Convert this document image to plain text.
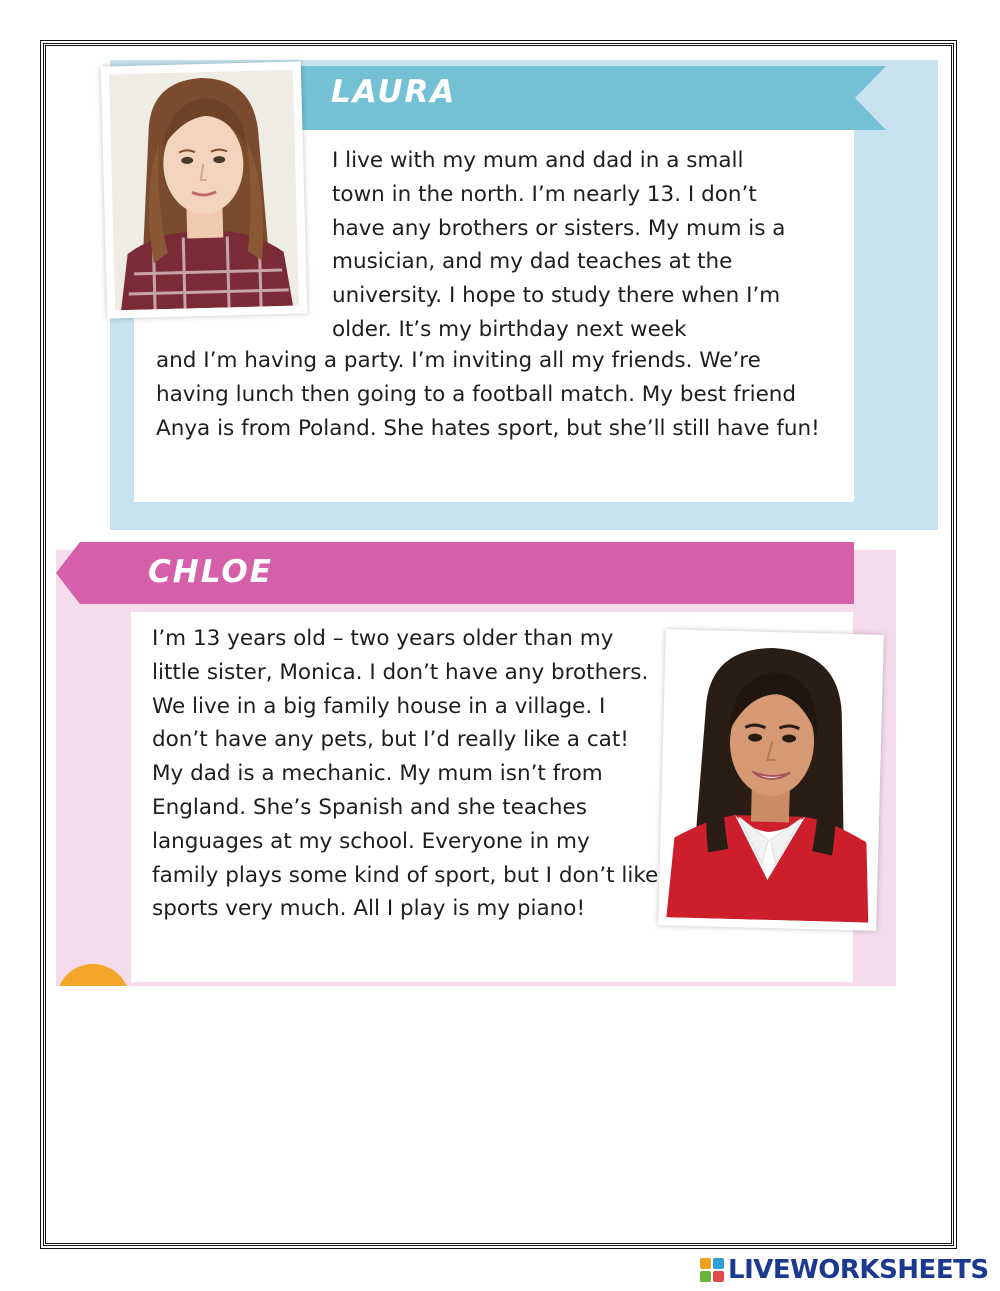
LAURA
I live with my mum and dad in a small town in the north. I’m nearly 13. I don’t have any brothers or sisters. My mum is a musician, and my dad teaches at the university. I hope to study there when I’m older. It’s my birthday next week
and I’m having a party. I’m inviting all my friends. We’re having lunch then going to a football match. My best friend Anya is from Poland. She hates sport, but she’ll still have fun!
CHLOE
I’m 13 years old – two years older than my little sister, Monica. I don’t have any brothers. We live in a big family house in a village. I don’t have any pets, but I’d really like a cat! My dad is a mechanic. My mum isn’t from England. She’s Spanish and she teaches languages at my school. Everyone in my family plays some kind of sport, but I don’t like sports very much. All I play is my piano!
LIVEWORKSHEETS
